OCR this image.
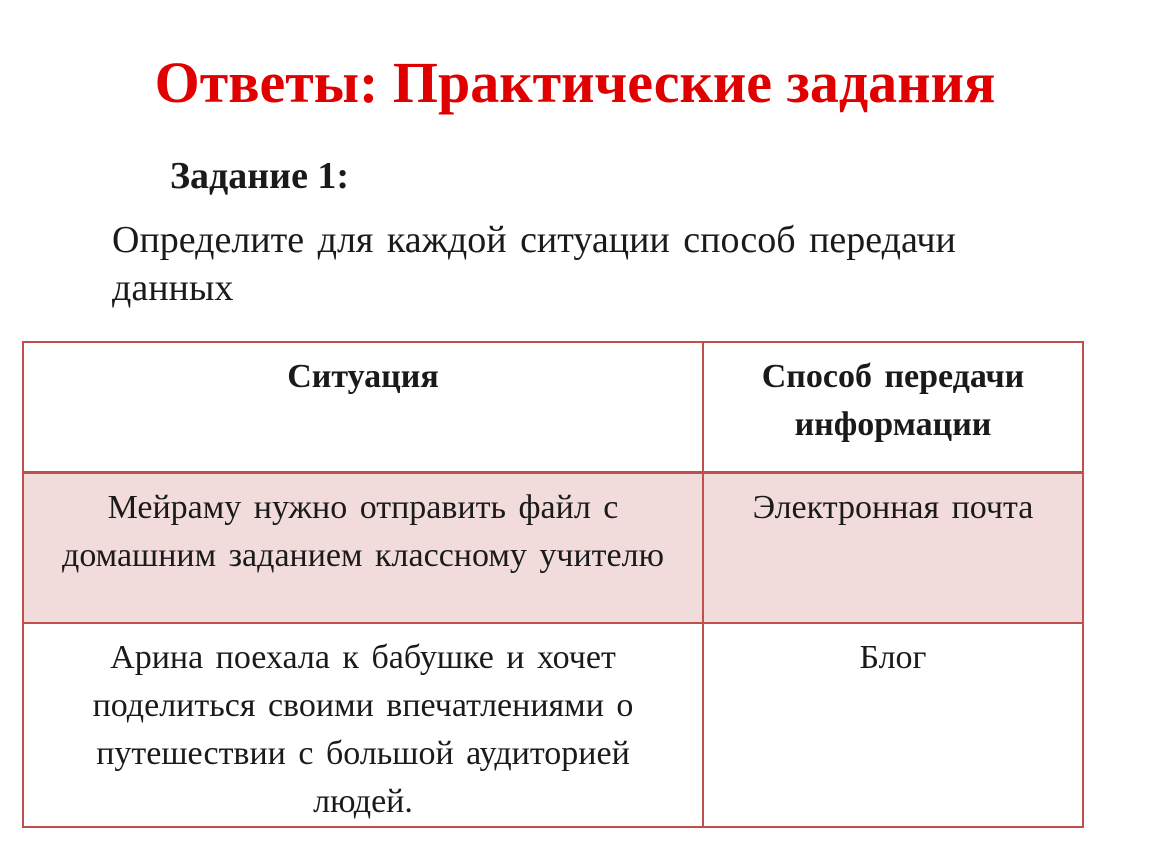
Ответы: Практические задания
Задание 1:
Определите для каждой ситуации способ передачи данных
Ситуация	Способ передачи информации
Мейраму нужно отправить файл с домашним заданием классному учителю	Электронная почта
Арина поехала к бабушке и хочет поделиться своими впечатлениями о путешествии с большой аудиторией людей.	Блог
